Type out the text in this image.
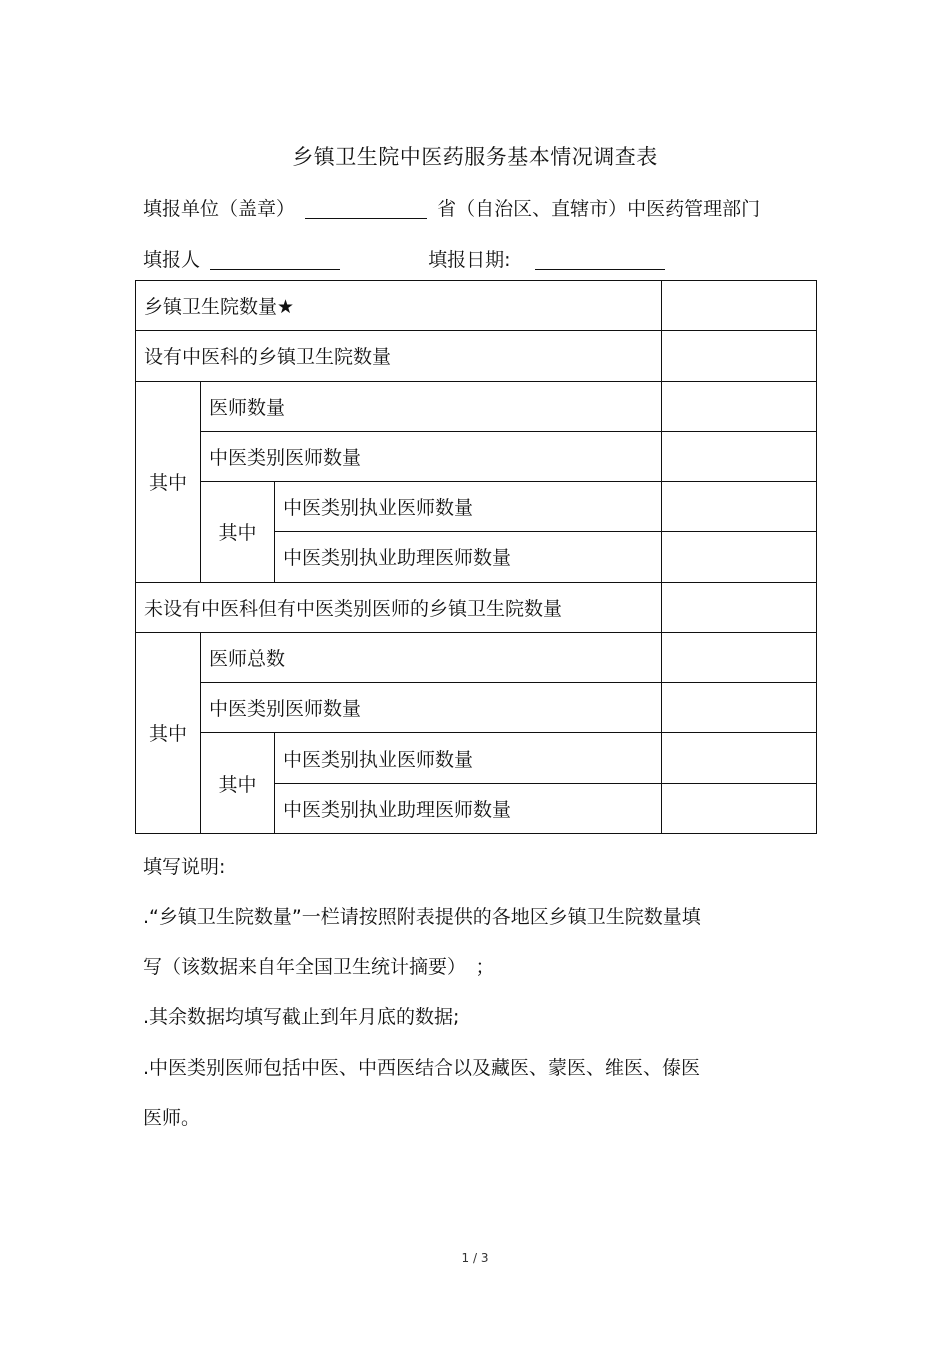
乡镇卫生院中医药服务基本情况调查表
填报单位（盖章）	省（自治区、直辖市）中医药管理部门
填报人	填报日期:
乡镇卫生院数量★			
设有中医科的乡镇卫生院数量			
其中	医师数量		
	中医类别医师数量		
	其中	中医类别执业医师数量	
		中医类别执业助理医师数量	
未设有中医科但有中医类别医师的乡镇卫生院数量			
其中	医师总数		
	中医类别医师数量		
	其中	中医类别执业医师数量	
		中医类别执业助理医师数量	
填写说明:
.“乡镇卫生院数量”一栏请按照附表提供的各地区乡镇卫生院数量填
写（该数据来自年全国卫生统计摘要）　；
.其余数据均填写截止到年月底的数据;
.中医类别医师包括中医、中西医结合以及藏医、蒙医、维医、傣医
医师。
1 / 3
